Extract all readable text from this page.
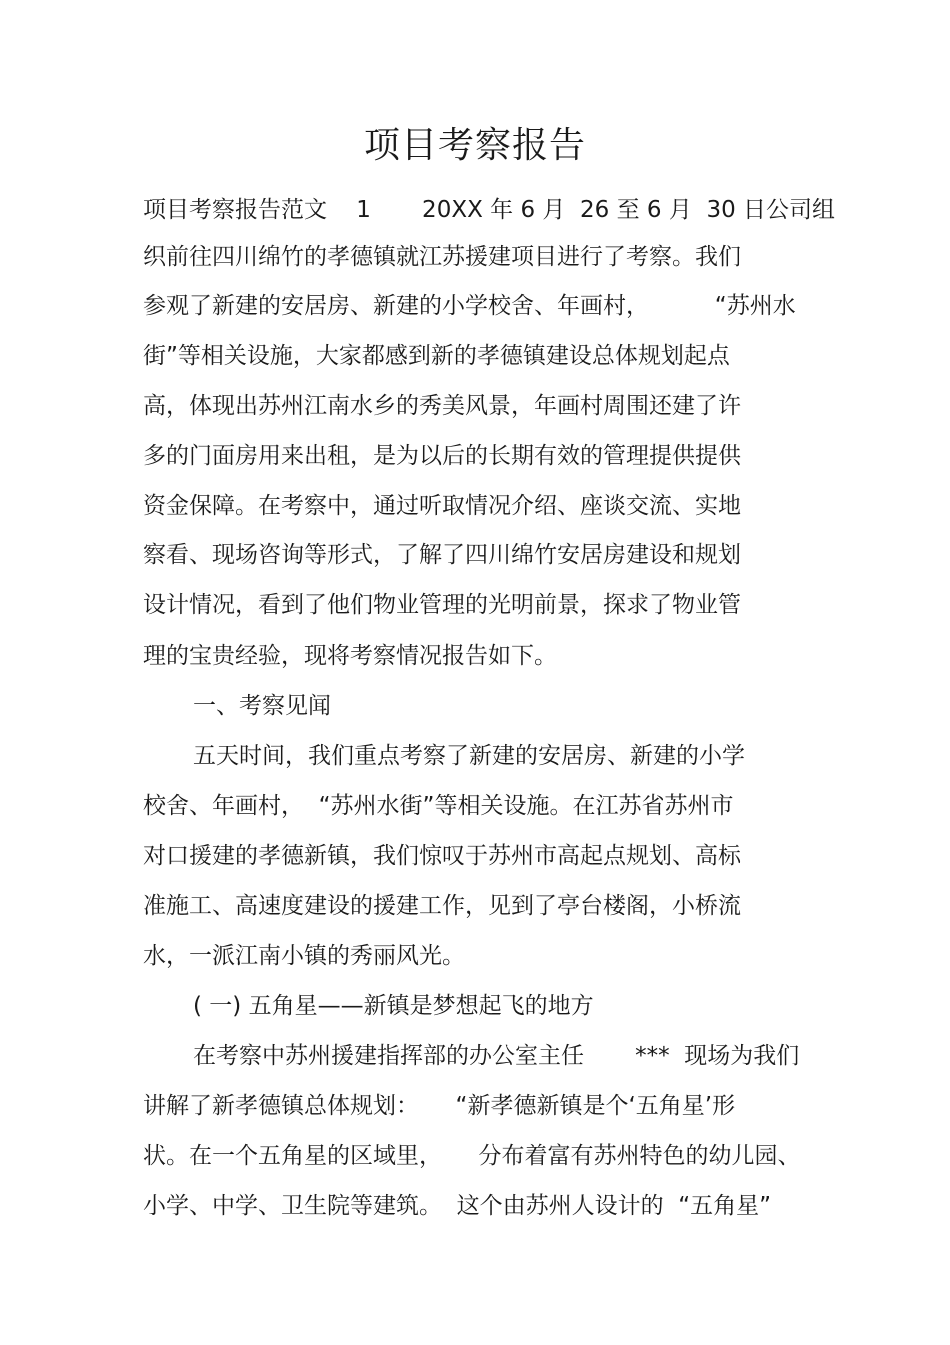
项目考察报告
项目考察报告范文    1       20XX 年 6 月  26 至 6 月  30 日公司组
织前往四川绵竹的孝德镇就江苏援建项目进行了考察。我们
参观了新建的安居房、新建的小学校舍、年画村，         “苏州水
街”等相关设施，大家都感到新的孝德镇建设总体规划起点
高，体现出苏州江南水乡的秀美风景，年画村周围还建了许
多的门面房用来出租，是为以后的长期有效的管理提供提供
资金保障。在考察中，通过听取情况介绍、座谈交流、实地
察看、现场咨询等形式，了解了四川绵竹安居房建设和规划
设计情况，看到了他们物业管理的光明前景，探求了物业管
理的宝贵经验，现将考察情况报告如下。
一、考察见闻
五天时间，我们重点考察了新建的安居房、新建的小学
校舍、年画村，  “苏州水街”等相关设施。在江苏省苏州市
对口援建的孝德新镇，我们惊叹于苏州市高起点规划、高标
准施工、高速度建设的援建工作，见到了亭台楼阁，小桥流
水，一派江南小镇的秀丽风光。
( 一) 五角星——新镇是梦想起飞的地方
在考察中苏州援建指挥部的办公室主任       ***  现场为我们
讲解了新孝德镇总体规划：     “新孝德新镇是个‘五角星’形
状。在一个五角星的区域里，     分布着富有苏州特色的幼儿园、
小学、中学、卫生院等建筑。  这个由苏州人设计的  “五角星”
